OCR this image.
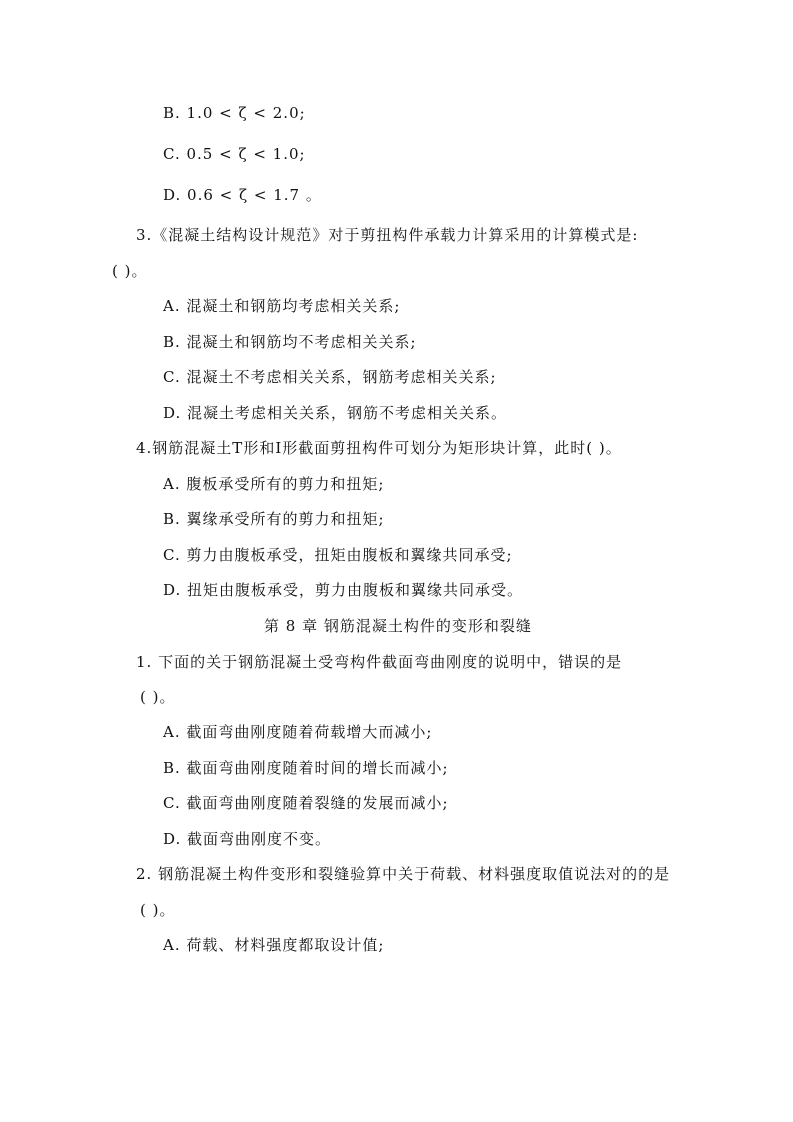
B. 1.0 < ζ < 2.0;
C. 0.5 < ζ < 1.0;
D. 0.6 < ζ < 1.7 。
3.《混凝土结构设计规范》对于剪扭构件承载力计算采用的计算模式是:
( )。
A. 混凝土和钢筋均考虑相关关系;
B. 混凝土和钢筋均不考虑相关关系;
C. 混凝土不考虑相关关系，钢筋考虑相关关系;
D. 混凝土考虑相关关系，钢筋不考虑相关关系。
4.钢筋混凝土T形和I形截面剪扭构件可划分为矩形块计算，此时( )。
A. 腹板承受所有的剪力和扭矩;
B. 翼缘承受所有的剪力和扭矩;
C. 剪力由腹板承受，扭矩由腹板和翼缘共同承受;
D. 扭矩由腹板承受，剪力由腹板和翼缘共同承受。
第 8 章 钢筋混凝土构件的变形和裂缝
1. 下面的关于钢筋混凝土受弯构件截面弯曲刚度的说明中，错误的是
( )。
A. 截面弯曲刚度随着荷载增大而减小;
B. 截面弯曲刚度随着时间的增长而减小;
C. 截面弯曲刚度随着裂缝的发展而减小;
D. 截面弯曲刚度不变。
2. 钢筋混凝土构件变形和裂缝验算中关于荷载、材料强度取值说法对的的是
( )。
A. 荷载、材料强度都取设计值;
